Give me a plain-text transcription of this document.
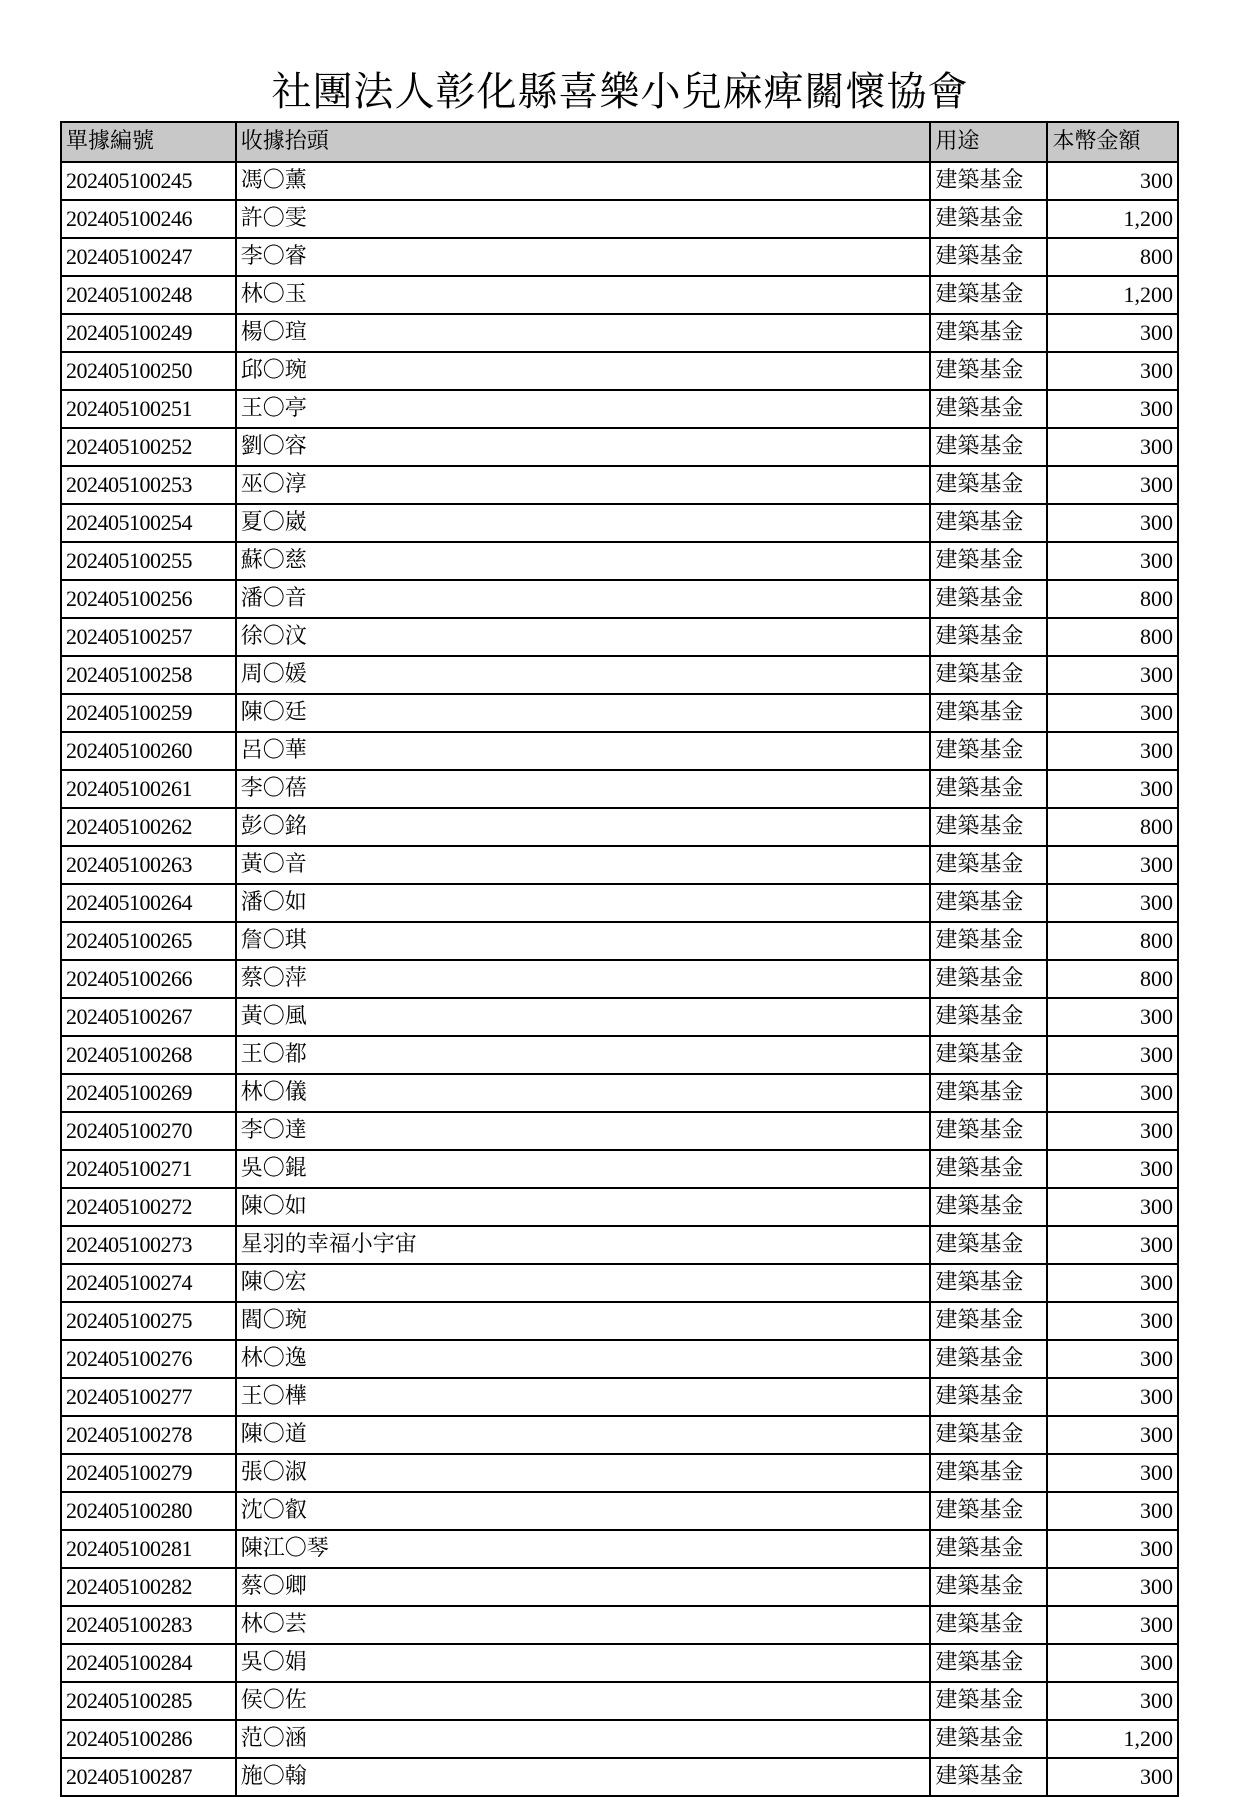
社團法人彰化縣喜樂小兒麻痺關懷協會
單據編號	收據抬頭	用途	本幣金額
202405100245	馮〇薰	建築基金	300
202405100246	許〇雯	建築基金	1,200
202405100247	李〇睿	建築基金	800
202405100248	林〇玉	建築基金	1,200
202405100249	楊〇瑄	建築基金	300
202405100250	邱〇琬	建築基金	300
202405100251	王〇亭	建築基金	300
202405100252	劉〇容	建築基金	300
202405100253	巫〇淳	建築基金	300
202405100254	夏〇崴	建築基金	300
202405100255	蘇〇慈	建築基金	300
202405100256	潘〇音	建築基金	800
202405100257	徐〇汶	建築基金	800
202405100258	周〇媛	建築基金	300
202405100259	陳〇廷	建築基金	300
202405100260	呂〇華	建築基金	300
202405100261	李〇蓓	建築基金	300
202405100262	彭〇銘	建築基金	800
202405100263	黃〇音	建築基金	300
202405100264	潘〇如	建築基金	300
202405100265	詹〇琪	建築基金	800
202405100266	蔡〇萍	建築基金	800
202405100267	黃〇風	建築基金	300
202405100268	王〇都	建築基金	300
202405100269	林〇儀	建築基金	300
202405100270	李〇達	建築基金	300
202405100271	吳〇錕	建築基金	300
202405100272	陳〇如	建築基金	300
202405100273	星羽的幸福小宇宙	建築基金	300
202405100274	陳〇宏	建築基金	300
202405100275	閻〇琬	建築基金	300
202405100276	林〇逸	建築基金	300
202405100277	王〇樺	建築基金	300
202405100278	陳〇道	建築基金	300
202405100279	張〇淑	建築基金	300
202405100280	沈〇叡	建築基金	300
202405100281	陳江〇琴	建築基金	300
202405100282	蔡〇卿	建築基金	300
202405100283	林〇芸	建築基金	300
202405100284	吳〇娟	建築基金	300
202405100285	侯〇佐	建築基金	300
202405100286	范〇涵	建築基金	1,200
202405100287	施〇翰	建築基金	300
